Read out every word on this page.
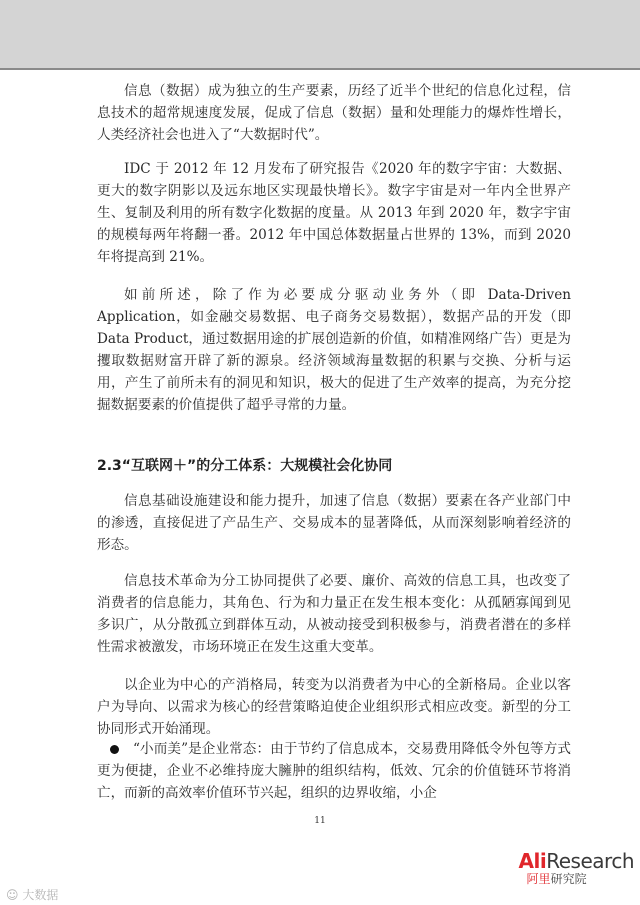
信息（数据）成为独立的生产要素，历经了近半个世纪的信息化过程，信息技术的超常规速度发展，促成了信息（数据）量和处理能力的爆炸性增长，人类经济社会也进入了“大数据时代”。

IDC 于 2012 年 12 月发布了研究报告《2020 年的数字宇宙：大数据、更大的数字阴影以及远东地区实现最快增长》。数字宇宙是对一年内全世界产生、复制及利用的所有数字化数据的度量。从 2013 年到 2020 年，数字宇宙的规模每两年将翻一番。2012 年中国总体数据量占世界的 13%，而到 2020 年将提高到 21%。

如前所述，除了作为必要成分驱动业务外（即 Data-Driven Application，如金融交易数据、电子商务交易数据），数据产品的开发（即 Data Product，通过数据用途的扩展创造新的价值，如精准网络广告）更是为攫取数据财富开辟了新的源泉。经济领域海量数据的积累与交换、分析与运用，产生了前所未有的洞见和知识，极大的促进了生产效率的提高，为充分挖掘数据要素的价值提供了超乎寻常的力量。

2.3“互联网＋”的分工体系：大规模社会化协同

信息基础设施建设和能力提升，加速了信息（数据）要素在各产业部门中的渗透，直接促进了产品生产、交易成本的显著降低，从而深刻影响着经济的形态。

信息技术革命为分工协同提供了必要、廉价、高效的信息工具，也改变了消费者的信息能力，其角色、行为和力量正在发生根本变化：从孤陋寡闻到见多识广，从分散孤立到群体互动，从被动接受到积极参与，消费者潜在的多样性需求被激发，市场环境正在发生这重大变革。

以企业为中心的产消格局，转变为以消费者为中心的全新格局。企业以客户为导向、以需求为核心的经营策略迫使企业组织形式相应改变。新型的分工协同形式开始涌现。

“小而美”是企业常态：由于节约了信息成本，交易费用降低令外包等方式更为便捷，企业不必维持庞大臃肿的组织结构，低效、冗余的价值链环节将消亡，而新的高效率价值环节兴起，组织的边界收缩，小企
11
AliResearch
阿里研究院
☺ 大数据
